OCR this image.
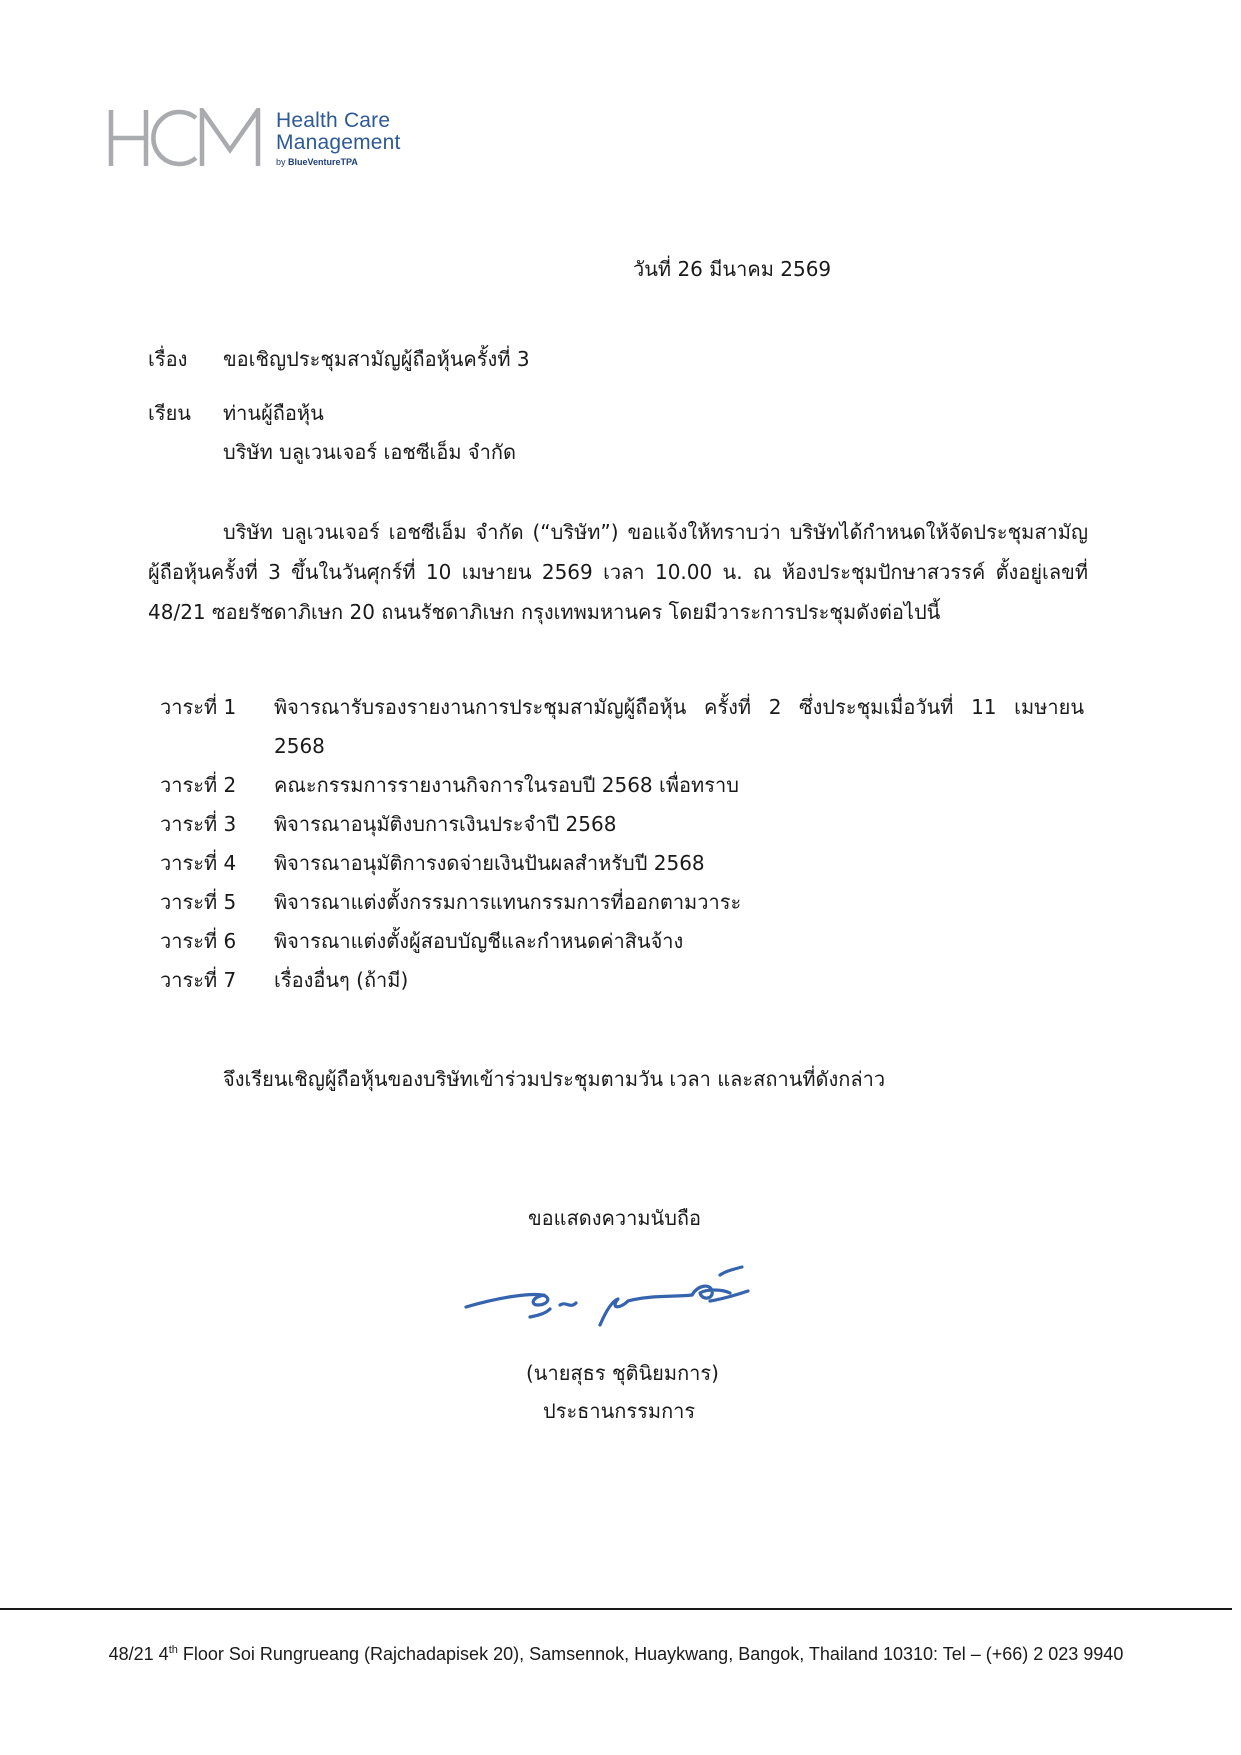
Health Care
Management
by BlueVentureTPA
วันที่ 26 มีนาคม 2569
เรื่อง ขอเชิญประชุมสามัญผู้ถือหุ้นครั้งที่ 3
เรียน ท่านผู้ถือหุ้น
บริษัท บลูเวนเจอร์ เอชซีเอ็ม จำกัด
บริษัท บลูเวนเจอร์ เอชซีเอ็ม จำกัด (“บริษัท”) ขอแจ้งให้ทราบว่า บริษัทได้กำหนดให้จัดประชุมสามัญ
ผู้ถือหุ้นครั้งที่ 3 ขึ้นในวันศุกร์ที่ 10 เมษายน 2569 เวลา 10.00 น. ณ ห้องประชุมปักษาสวรรค์ ตั้งอยู่เลขที่
48/21 ซอยรัชดาภิเษก 20 ถนนรัชดาภิเษก กรุงเทพมหานคร โดยมีวาระการประชุมดังต่อไปนี้
วาระที่ 1 พิจารณารับรองรายงานการประชุมสามัญผู้ถือหุ้น ครั้งที่ 2 ซึ่งประชุมเมื่อวันที่ 11 เมษายน 2568
วาระที่ 2 คณะกรรมการรายงานกิจการในรอบปี 2568 เพื่อทราบ
วาระที่ 3 พิจารณาอนุมัติงบการเงินประจำปี 2568
วาระที่ 4 พิจารณาอนุมัติการงดจ่ายเงินปันผลสำหรับปี 2568
วาระที่ 5 พิจารณาแต่งตั้งกรรมการแทนกรรมการที่ออกตามวาระ
วาระที่ 6 พิจารณาแต่งตั้งผู้สอบบัญชีและกำหนดค่าสินจ้าง
วาระที่ 7 เรื่องอื่นๆ (ถ้ามี)
จึงเรียนเชิญผู้ถือหุ้นของบริษัทเข้าร่วมประชุมตามวัน เวลา และสถานที่ดังกล่าว
ขอแสดงความนับถือ
(นายสุธร ชุตินิยมการ)
ประธานกรรมการ
48/21 4th Floor Soi Rungrueang (Rajchadapisek 20), Samsennok, Huaykwang, Bangok, Thailand 10310: Tel – (+66) 2 023 9940
